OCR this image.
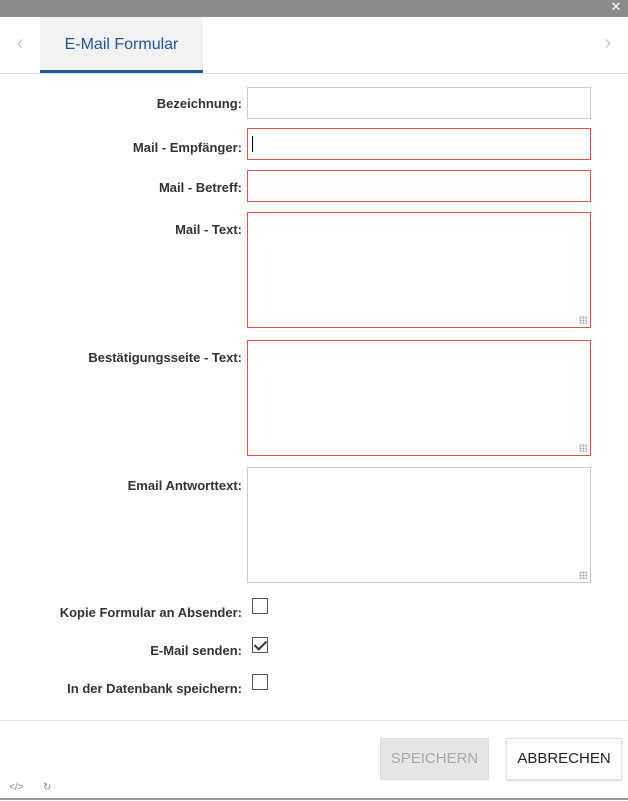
✕
‹	E-Mail Formular	›
Bezeichnung:
Mail - Empfänger:
Mail - Betreff:
Mail - Text:
Bestätigungsseite - Text:
Email Antworttext:
Kopie Formular an Absender:
E-Mail senden:
In der Datenbank speichern:
SPEICHERN	ABBRECHEN
</> ↻
